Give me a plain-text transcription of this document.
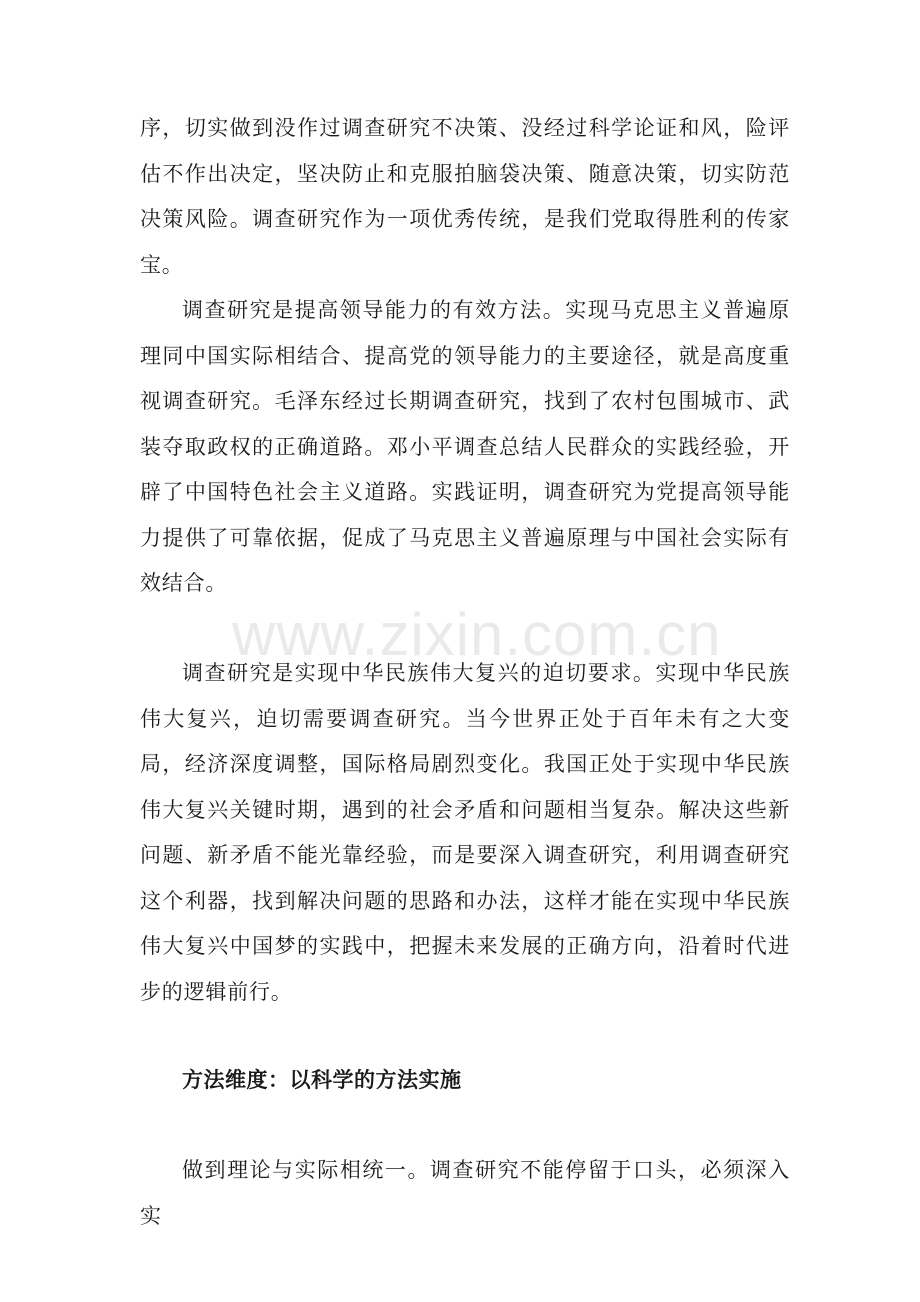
序，切实做到没作过调查研究不决策、没经过科学论证和风，险评估不作出决定，坚决防止和克服拍脑袋决策、随意决策，切实防范决策风险。调查研究作为一项优秀传统，是我们党取得胜利的传家宝。

调查研究是提高领导能力的有效方法。实现马克思主义普遍原理同中国实际相结合、提高党的领导能力的主要途径，就是高度重视调查研究。毛泽东经过长期调查研究，找到了农村包围城市、武装夺取政权的正确道路。邓小平调查总结人民群众的实践经验，开辟了中国特色社会主义道路。实践证明，调查研究为党提高领导能力提供了可靠依据，促成了马克思主义普遍原理与中国社会实际有效结合。

www.zixin.com.cn

调查研究是实现中华民族伟大复兴的迫切要求。实现中华民族伟大复兴，迫切需要调查研究。当今世界正处于百年未有之大变局，经济深度调整，国际格局剧烈变化。我国正处于实现中华民族伟大复兴关键时期，遇到的社会矛盾和问题相当复杂。解决这些新问题、新矛盾不能光靠经验，而是要深入调查研究，利用调查研究这个利器，找到解决问题的思路和办法，这样才能在实现中华民族伟大复兴中国梦的实践中，把握未来发展的正确方向，沿着时代进步的逻辑前行。

方法维度：以科学的方法实施

做到理论与实际相统一。调查研究不能停留于口头，必须深入实
